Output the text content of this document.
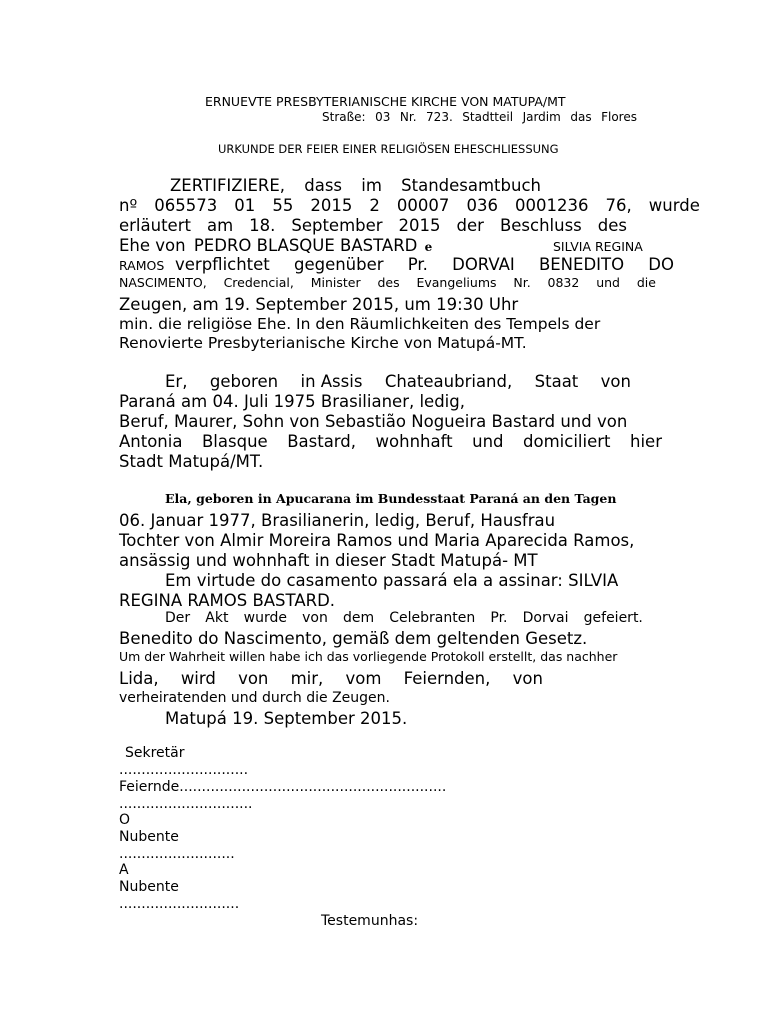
ERNUEVTE PRESBYTERIANISCHE KIRCHE VON MATUPA/MT
Straße: 03 Nr. 723. Stadtteil Jardim das Flores
URKUNDE DER FEIER EINER RELIGIÖSEN EHESCHLIESSUNG
ZERTIFIZIERE, dass im Standesamtbuch
nº 065573 01 55 2015 2 00007 036 0001236 76, wurde
erläutert am 18. September 2015 der Beschluss des
Ehe von PEDRO BLASQUE BASTARD e	SILVIA REGINA
RAMOS verpflichtet gegenüber Pr. DORVAI BENEDITO DO
NASCIMENTO, Credencial, Minister des Evangeliums Nr. 0832 und die
Zeugen, am 19. September 2015, um 19:30 Uhr
min. die religiöse Ehe. In den Räumlichkeiten des Tempels der
Renovierte Presbyterianische Kirche von Matupá-MT.
Er, geboren in Assis Chateaubriand, Staat von
Paraná am 04. Juli 1975 Brasilianer, ledig,
Beruf, Maurer, Sohn von Sebastião Nogueira Bastard und von
Antonia Blasque Bastard, wohnhaft und domiciliert hier
Stadt Matupá/MT.
Ela, geboren in Apucarana im Bundesstaat Paraná an den Tagen
06. Januar 1977, Brasilianerin, ledig, Beruf, Hausfrau
Tochter von Almir Moreira Ramos und Maria Aparecida Ramos,
ansässig und wohnhaft in dieser Stadt Matupá- MT
Em virtude do casamento passará ela a assinar: SILVIA
REGINA RAMOS BASTARD.
Der Akt wurde von dem Celebranten Pr. Dorvai gefeiert.
Benedito do Nascimento, gemäß dem geltenden Gesetz.
Um der Wahrheit willen habe ich das vorliegende Protokoll erstellt, das nachher
Lida, wird von mir, vom Feiernden, von
verheiratenden und durch die Zeugen.
Matupá 19. September 2015.
Sekretär
.............................
Feiernde............................................................
..............................
O
Nubente
..........................
A
Nubente
...........................
Testemunhas:
